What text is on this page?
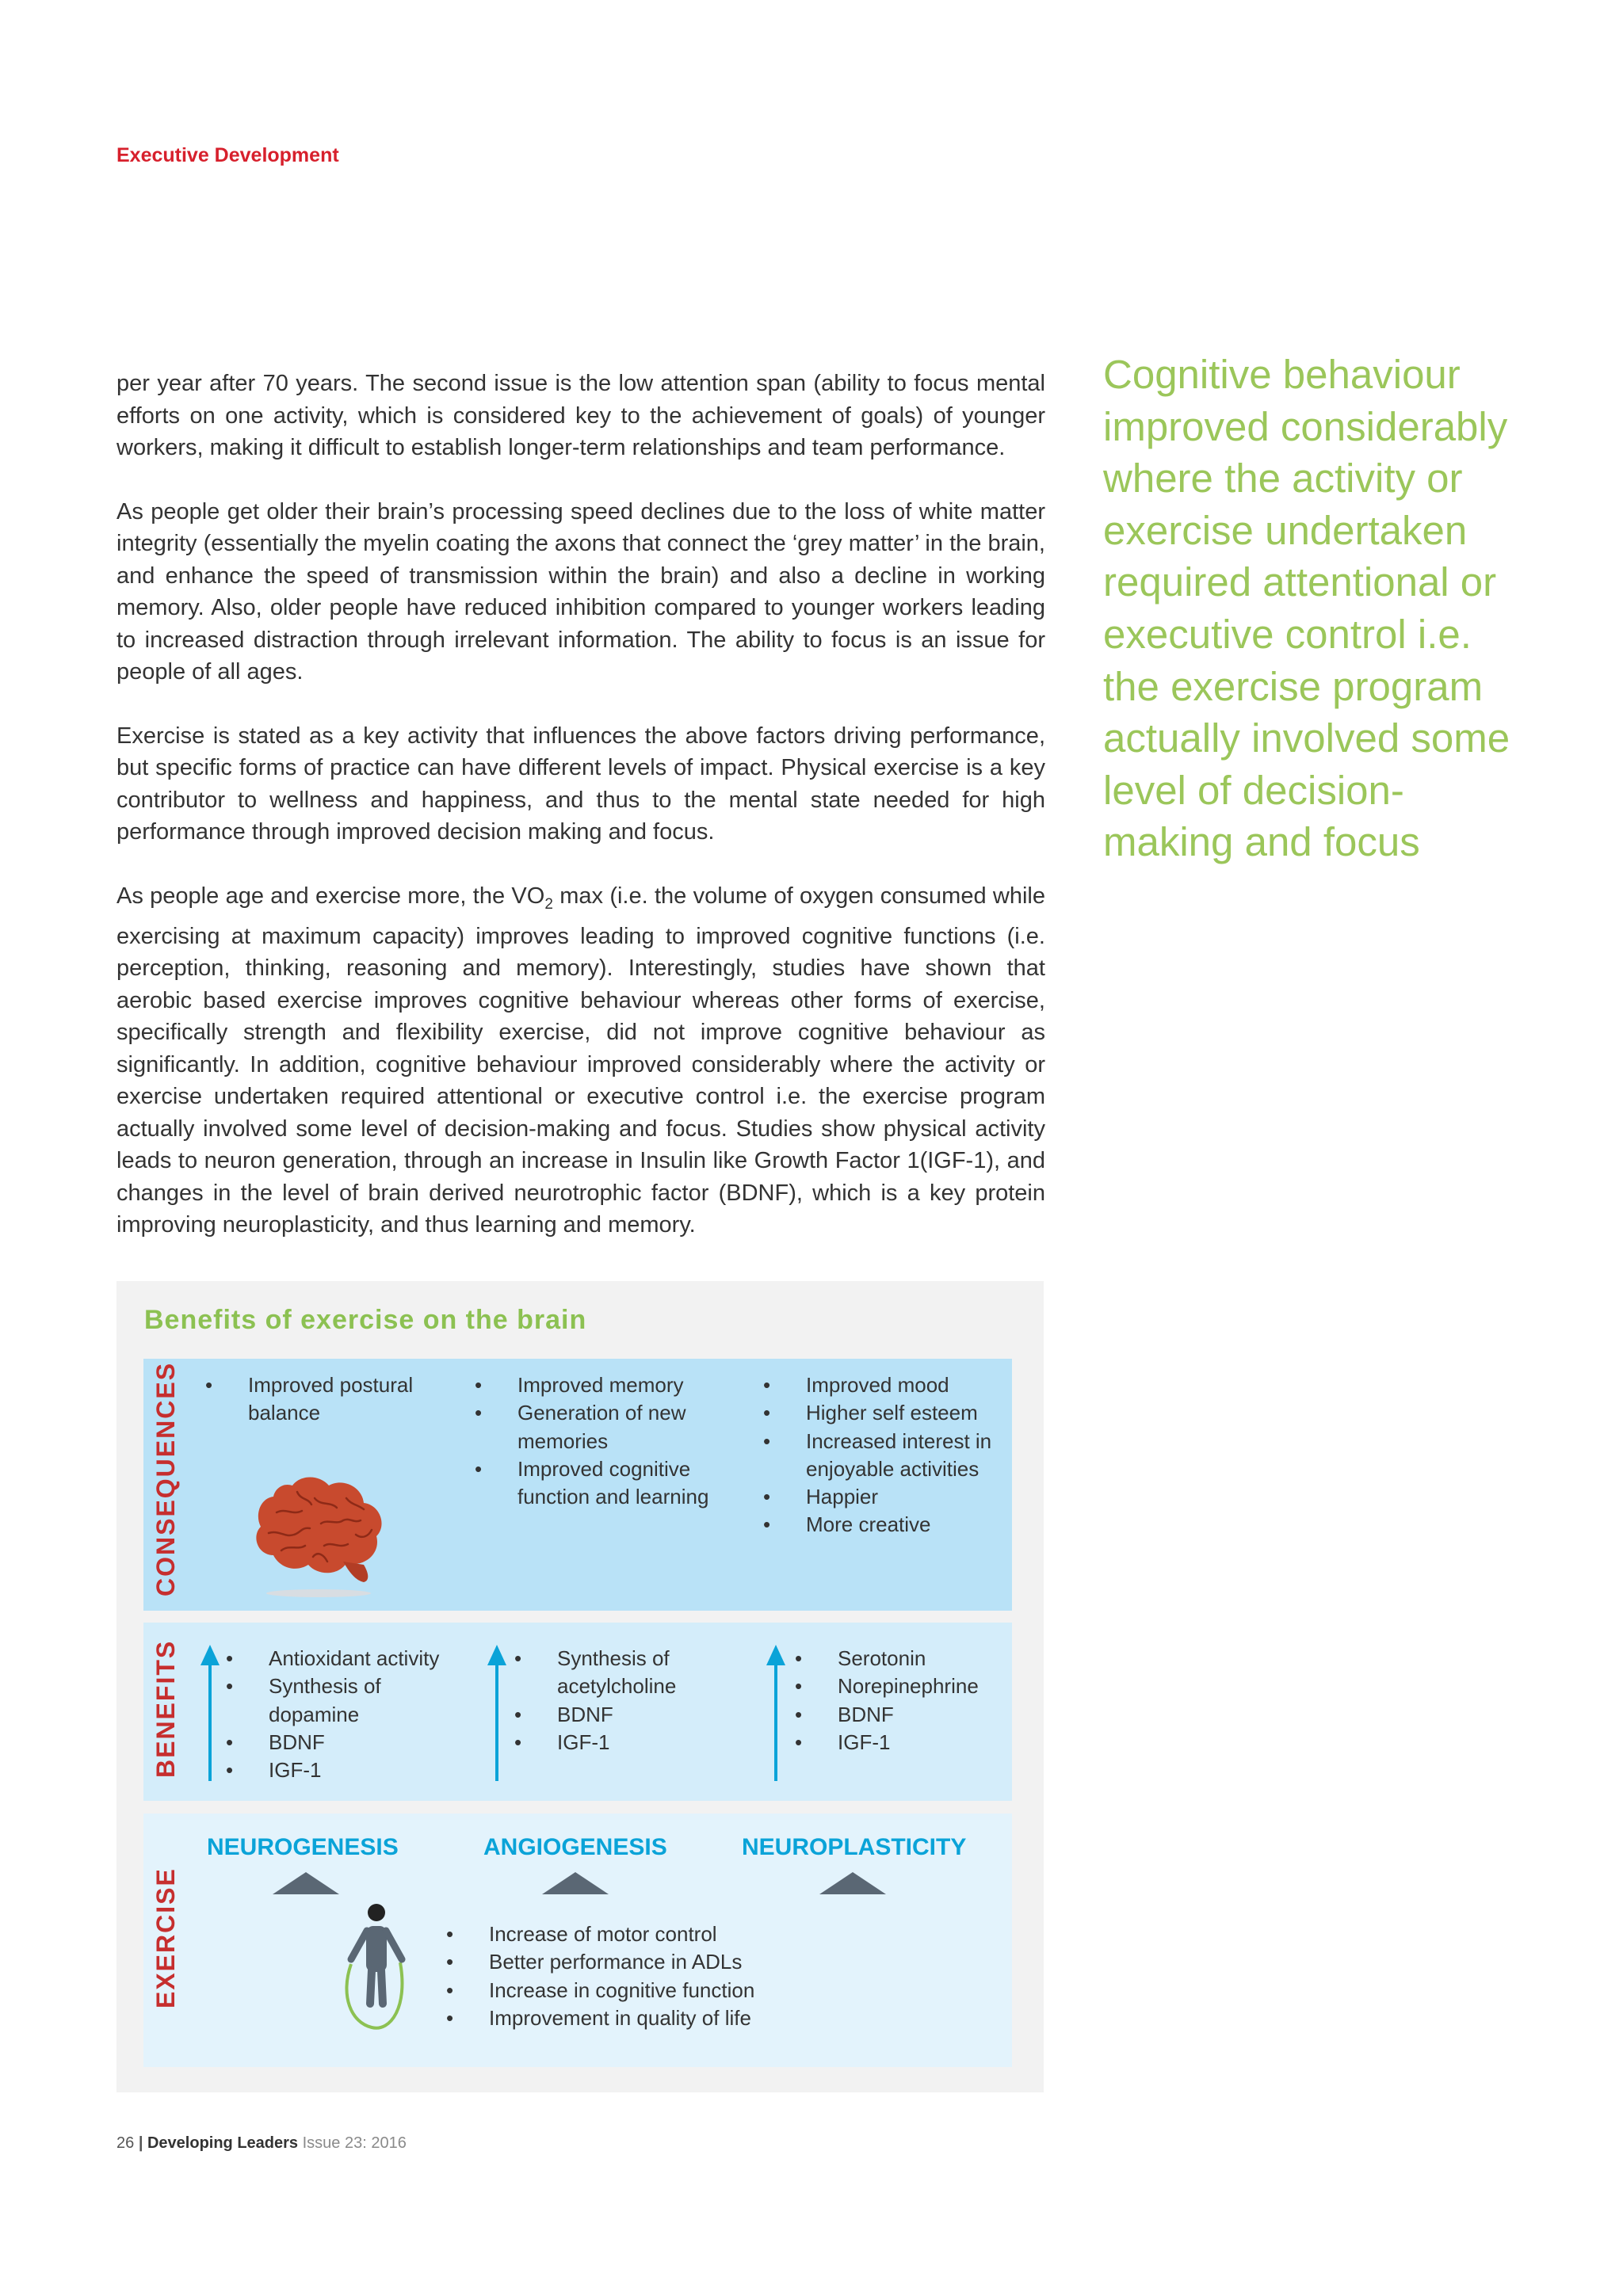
Executive Development

per year after 70 years. The second issue is the low attention span (ability to focus mental efforts on one activity, which is considered key to the achievement of goals) of younger workers, making it difficult to establish longer-term relationships and team performance.

As people get older their brain’s processing speed declines due to the loss of white matter integrity (essentially the myelin coating the axons that connect the ‘grey matter’ in the brain, and enhance the speed of transmission within the brain) and also a decline in working memory. Also, older people have reduced inhibition compared to younger workers leading to increased distraction through irrelevant information. The ability to focus is an issue for people of all ages.

Exercise is stated as a key activity that influences the above factors driving performance, but specific forms of practice can have different levels of impact. Physical exercise is a key contributor to wellness and happiness, and thus to the mental state needed for high performance through improved decision making and focus.

As people age and exercise more, the $VO_2$ max (i.e. the volume of oxygen consumed while exercising at maximum capacity) improves leading to improved cognitive functions (i.e. perception, thinking, reasoning and memory). Interestingly, studies have shown that aerobic based exercise improves cognitive behaviour whereas other forms of exercise, specifically strength and flexibility exercise, did not improve cognitive behaviour as significantly. In addition, cognitive behaviour improved considerably where the activity or exercise undertaken required attentional or executive control i.e. the exercise program actually involved some level of decision-making and focus. Studies show physical activity leads to neuron generation, through an increase in Insulin like Growth Factor 1(IGF-1), and changes in the level of brain derived neurotrophic factor (BDNF), which is a key protein improving neuroplasticity, and thus learning and memory.

Cognitive behaviour improved considerably where the activity or exercise undertaken required attentional or executive control i.e. the exercise program actually involved some level of decision-making and focus
Benefits of exercise on the brain
CONSEQUENCES	• Improved postural balance
• Improved memory
• Generation of new memories
• Improved cognitive function and learning
• Improved mood
• Higher self esteem
• Increased interest in enjoyable activities
• Happier
• More creative
BENEFITS	• Antioxidant activity
• Synthesis of dopamine
• BDNF
• IGF-1
• Synthesis of acetylcholine
• BDNF
• IGF-1
• Serotonin
• Norepinephrine
• BDNF
• IGF-1
EXERCISE	• Increase of motor control
• Better performance in ADLs
• Increase in cognitive function
• Improvement in quality of life
NEUROGENESIS	ANGIOGENESIS	NEUROPLASTICITY
26 | Developing Leaders Issue 23: 2016
